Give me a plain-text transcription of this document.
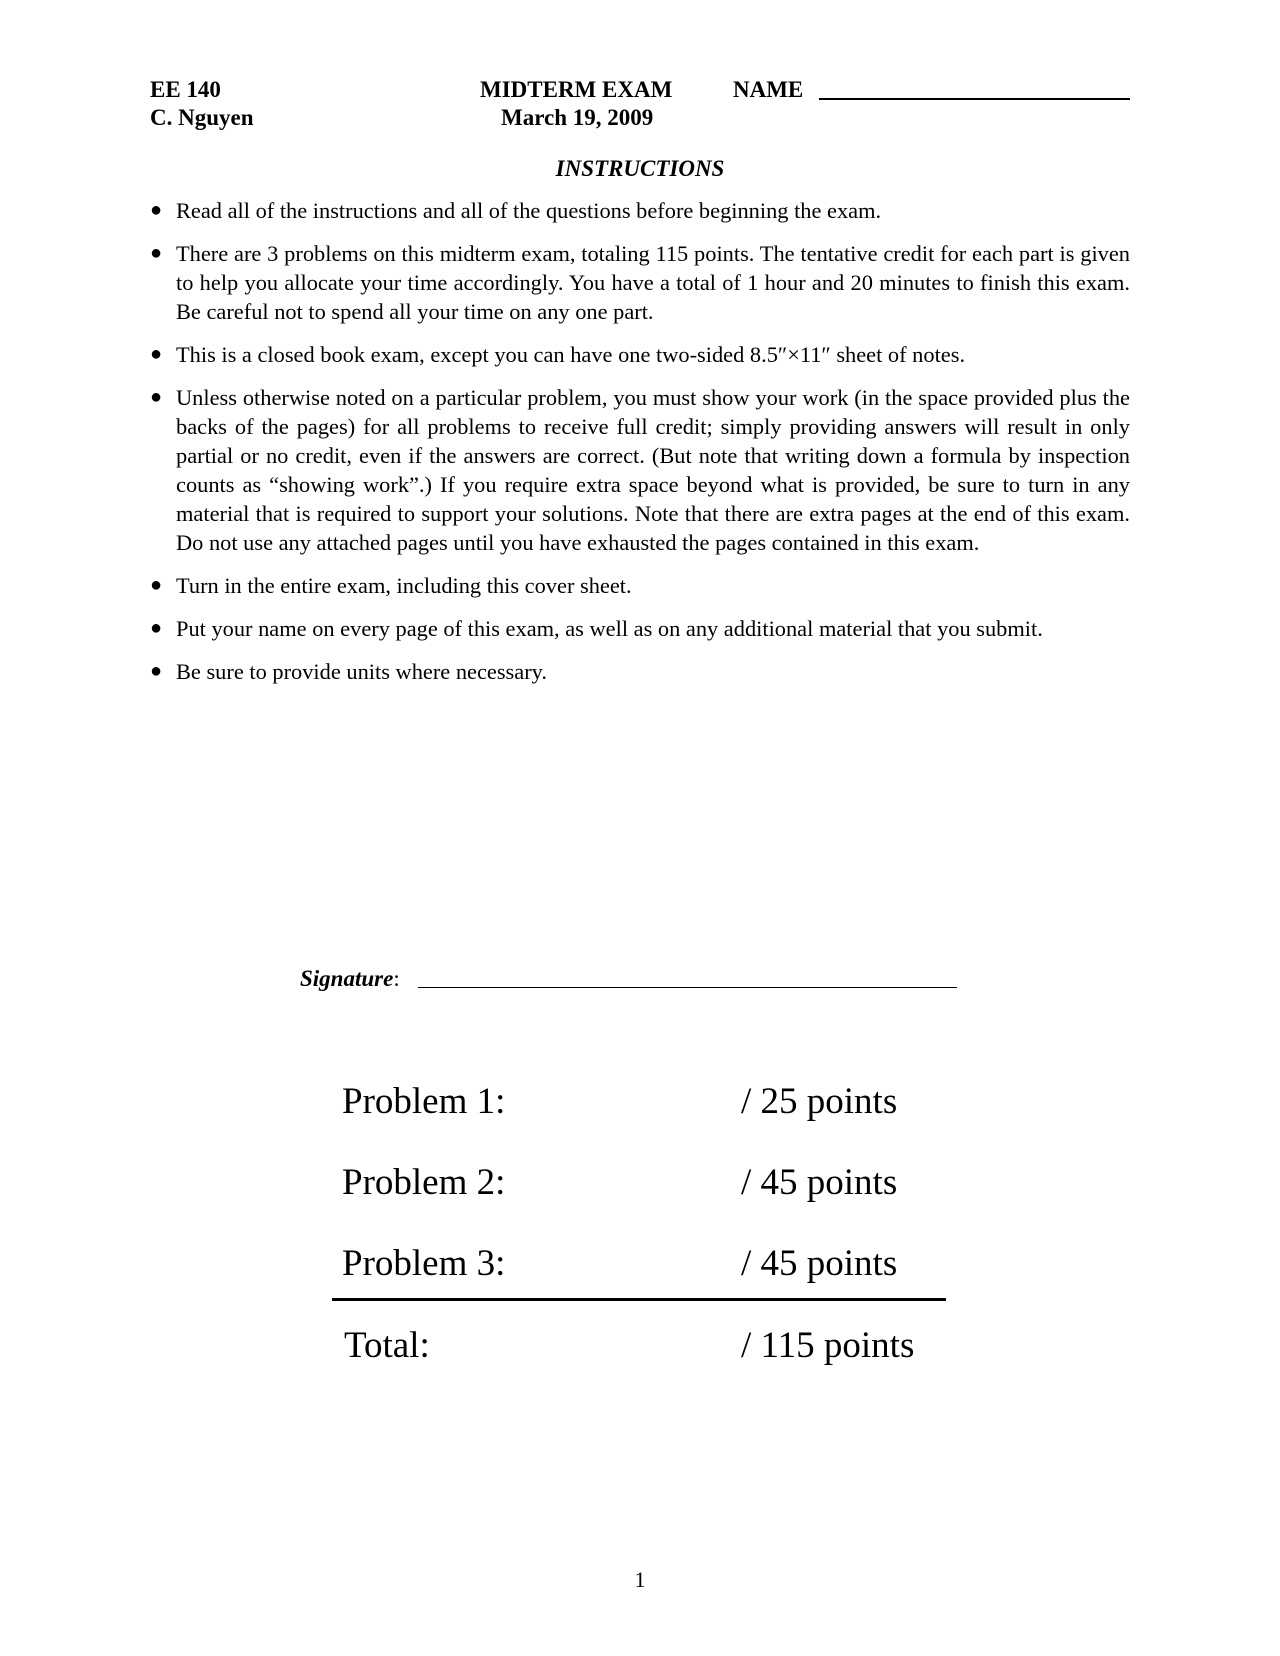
EE 140
C. Nguyen
MIDTERM EXAM
March 19, 2009
NAME
INSTRUCTIONS
● Read all of the instructions and all of the questions before beginning the exam.
● There are 3 problems on this midterm exam, totaling 115 points. The tentative credit for each part is given to help you allocate your time accordingly. You have a total of 1 hour and 20 minutes to finish this exam. Be careful not to spend all your time on any one part.
● This is a closed book exam, except you can have one two-sided 8.5″×11″ sheet of notes.
● Unless otherwise noted on a particular problem, you must show your work (in the space provided plus the backs of the pages) for all problems to receive full credit; simply providing answers will result in only partial or no credit, even if the answers are correct. (But note that writing down a formula by inspection counts as “showing work”.) If you require extra space beyond what is provided, be sure to turn in any material that is required to support your solutions. Note that there are extra pages at the end of this exam. Do not use any attached pages until you have exhausted the pages contained in this exam.
● Turn in the entire exam, including this cover sheet.
● Put your name on every page of this exam, as well as on any additional material that you submit.
● Be sure to provide units where necessary.
Signature:
Problem 1:	/ 25 points
Problem 2:	/ 45 points
Problem 3:	/ 45 points
Total:	/ 115 points
1
